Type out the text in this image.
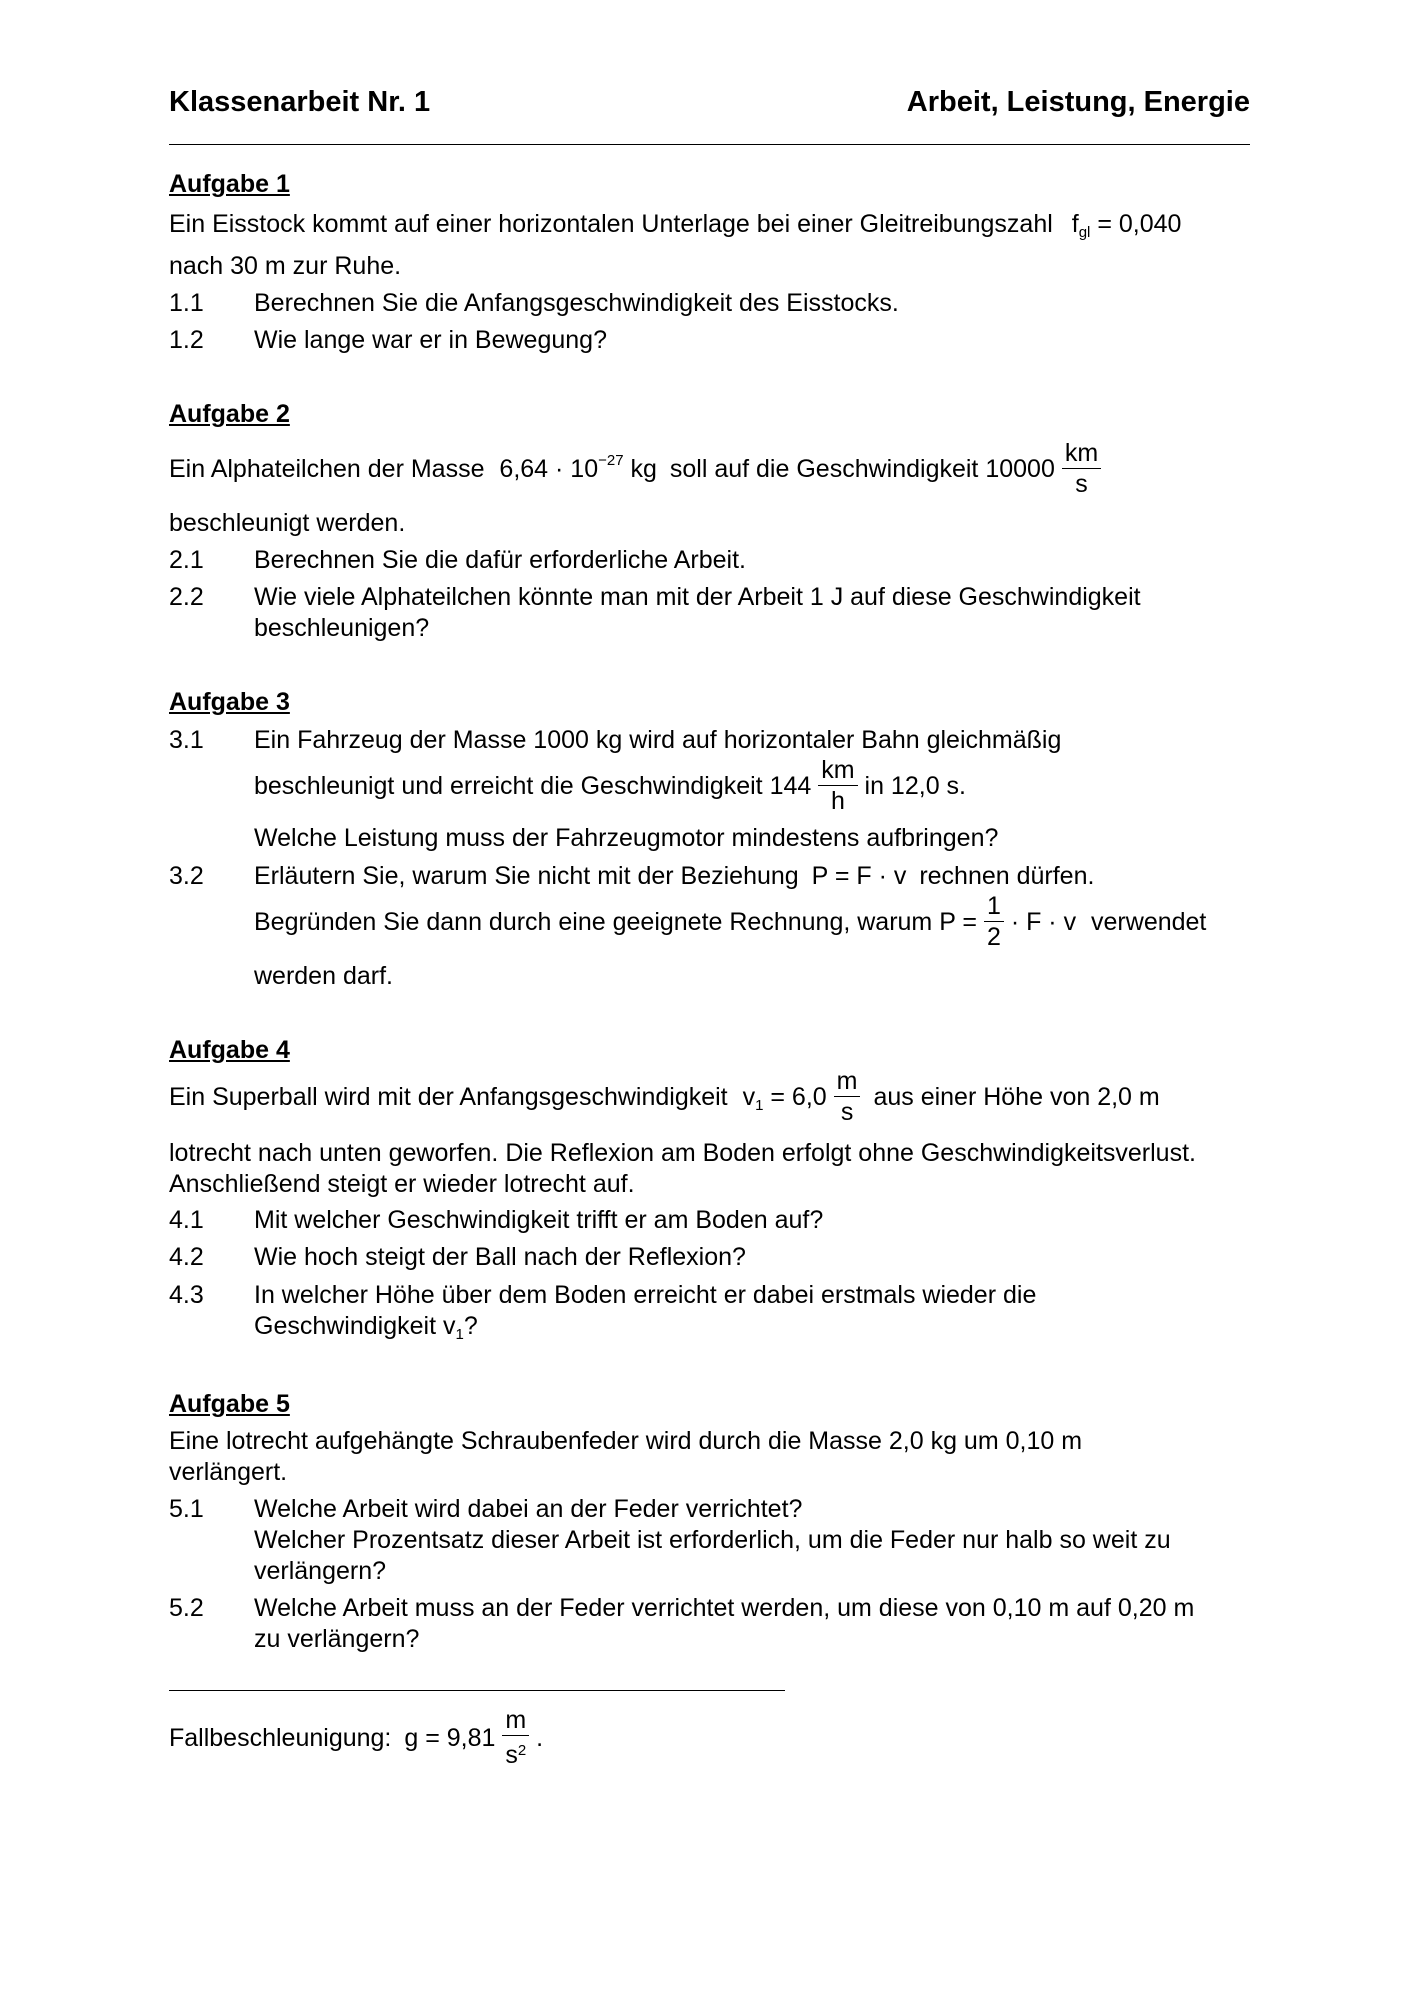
Klassenarbeit Nr. 1	Arbeit, Leistung, Energie
Aufgabe 1
Ein Eisstock kommt auf einer horizontalen Unterlage bei einer Gleitreibungszahl $f_{gl} = 0,040$
nach 30 m zur Ruhe.
1.1 Berechnen Sie die Anfangsgeschwindigkeit des Eisstocks.
1.2 Wie lange war er in Bewegung?
Aufgabe 2
Ein Alphateilchen der Masse $6,64 \cdot 10^{-27}$ kg soll auf die Geschwindigkeit $10000 \frac{km}{s}$
beschleunigt werden.
2.1 Berechnen Sie die dafür erforderliche Arbeit.
2.2 Wie viele Alphateilchen könnte man mit der Arbeit 1 J auf diese Geschwindigkeit
beschleunigen?
Aufgabe 3
3.1 Ein Fahrzeug der Masse 1000 kg wird auf horizontaler Bahn gleichmäßig
beschleunigt und erreicht die Geschwindigkeit $144 \frac{km}{h}$ in 12,0 s.
Welche Leistung muss der Fahrzeugmotor mindestens aufbringen?
3.2 Erläutern Sie, warum Sie nicht mit der Beziehung P = F · v rechnen dürfen.
Begründen Sie dann durch eine geeignete Rechnung, warum $P = \frac{1}{2} \cdot F \cdot v$ verwendet
werden darf.
Aufgabe 4
Ein Superball wird mit der Anfangsgeschwindigkeit $v_1 = 6,0 \frac{m}{s}$ aus einer Höhe von 2,0 m
lotrecht nach unten geworfen. Die Reflexion am Boden erfolgt ohne Geschwindigkeitsverlust.
Anschließend steigt er wieder lotrecht auf.
4.1 Mit welcher Geschwindigkeit trifft er am Boden auf?
4.2 Wie hoch steigt der Ball nach der Reflexion?
4.3 In welcher Höhe über dem Boden erreicht er dabei erstmals wieder die
Geschwindigkeit $v_1$?
Aufgabe 5
Eine lotrecht aufgehängte Schraubenfeder wird durch die Masse 2,0 kg um 0,10 m
verlängert.
5.1 Welche Arbeit wird dabei an der Feder verrichtet?
Welcher Prozentsatz dieser Arbeit ist erforderlich, um die Feder nur halb so weit zu
verlängern?
5.2 Welche Arbeit muss an der Feder verrichtet werden, um diese von 0,10 m auf 0,20 m
zu verlängern?
Fallbeschleunigung: $g = 9,81 \frac{m}{s^2}$ .
